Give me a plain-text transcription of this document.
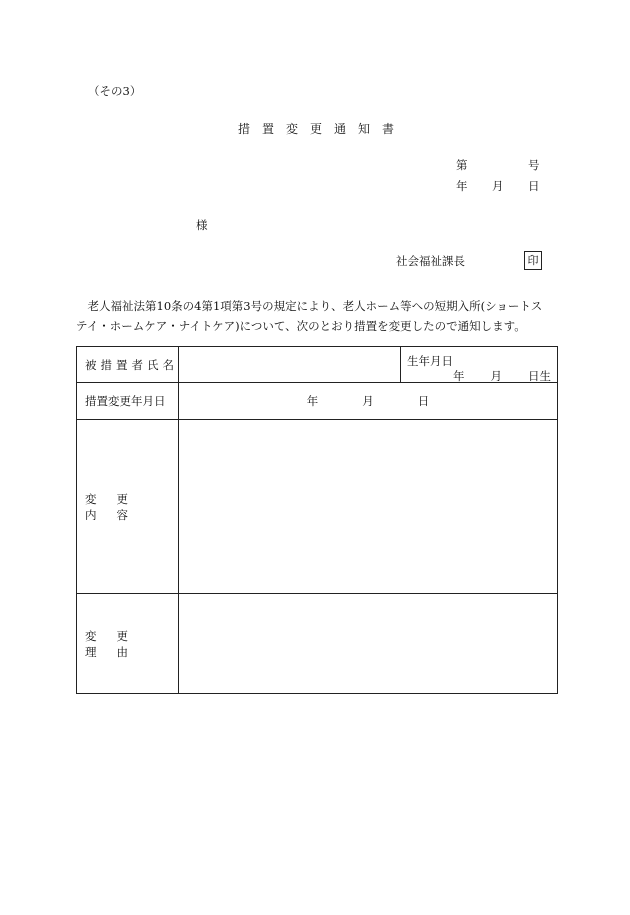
（その3）
措　置　変　更　通　知　書
第	号
年 月 日
様
社会福祉課長	印

　老人福祉法第10条の4第1項第3号の規定により、老人ホーム等への短期入所(ショートス

テイ・ホームケア・ナイトケア)について、次のとおり措置を変更したので通知します。

被措置者氏名		生年月日
年 月 日生

措置変更年月日	年 月 日	
変更内容		
変更理由		
